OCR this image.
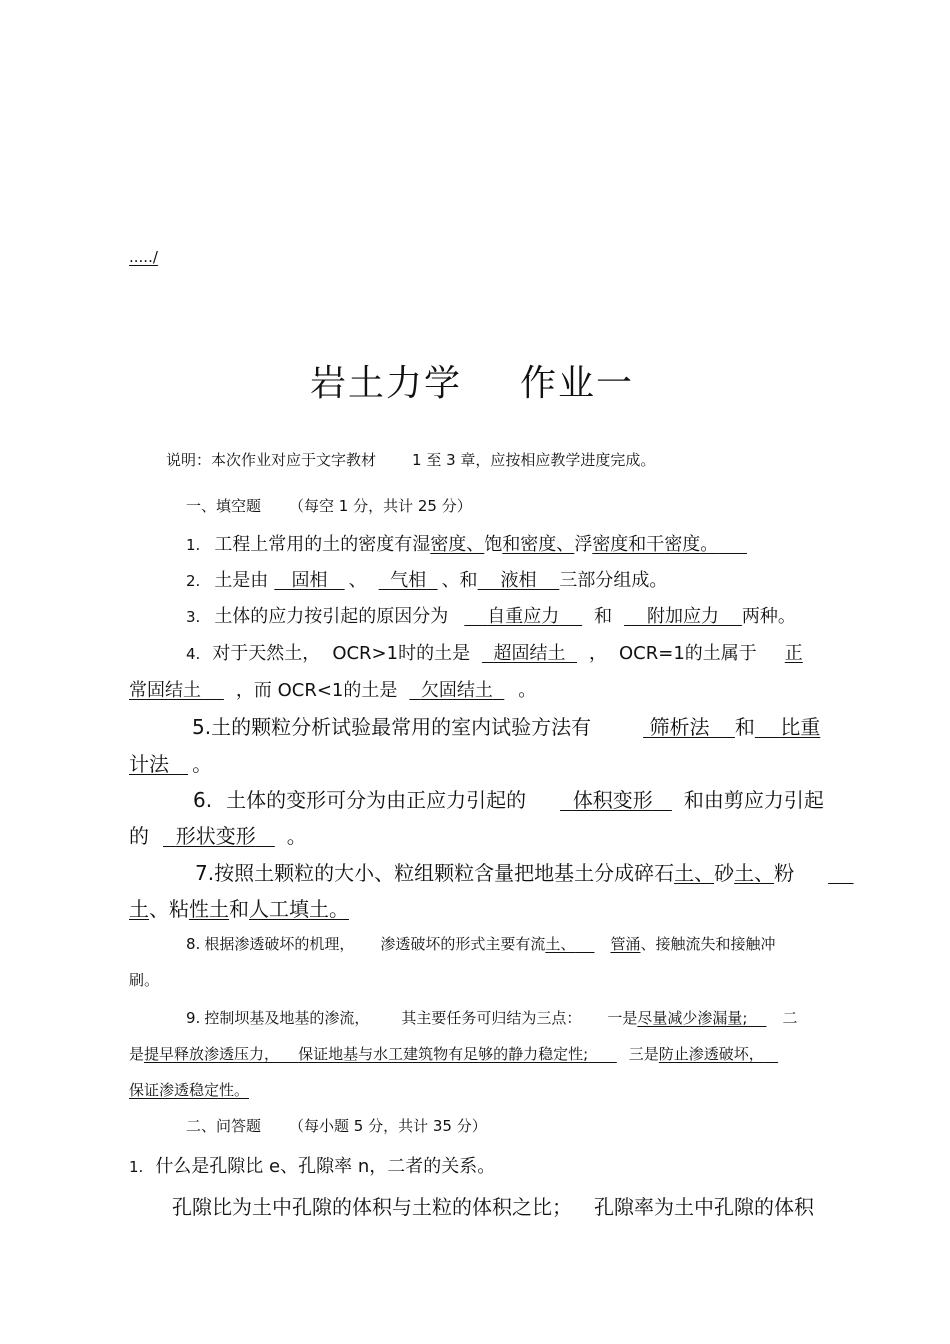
...../
岩土力学 作业一
说明：本次作业对应于文字教材 1 至 3 章，应按相应教学进度完成。
一、填空题 （每空 1 分，共计 25 分）
1. 工程上常用的土的密度有湿密度、饱和密度、浮密度和干密度。
2. 土是由 固相 、 气相 、和 液相 三部分组成。
3. 土体的应力按引起的原因分为 自重应力 和 附加应力 两种。
4. 对于天然土， OCR>1时的土是 超固结土 ， OCR=1的土属于 正
常固结土 ，而 OCR<1的土是 欠固结土 。
5.土的颗粒分析试验最常用的室内试验方法有	筛析法 和 比重
计法 。
6. 土体的变形可分为由正应力引起的 体积变形 和由剪应力引起
的 形状变形 。
7.按照土颗粒的大小、粒组颗粒含量把地基土分成碎石土、砂土、粉
土、粘性土和人工填土。
8. 根据渗透破坏的机理， 渗透破坏的形式主要有流土、 管涌、接触流失和接触冲
刷。
9. 控制坝基及地基的渗流， 其主要任务可归结为三点： 一是尽量减少渗漏量; 二
是提早释放渗透压力， 保证地基与水工建筑物有足够的静力稳定性;	三是防止渗透破坏，
保证渗透稳定性。
二、问答题 （每小题 5 分，共计 35 分）
1. 什么是孔隙比 e、孔隙率 n，二者的关系。
孔隙比为土中孔隙的体积与土粒的体积之比； 孔隙率为土中孔隙的体积
